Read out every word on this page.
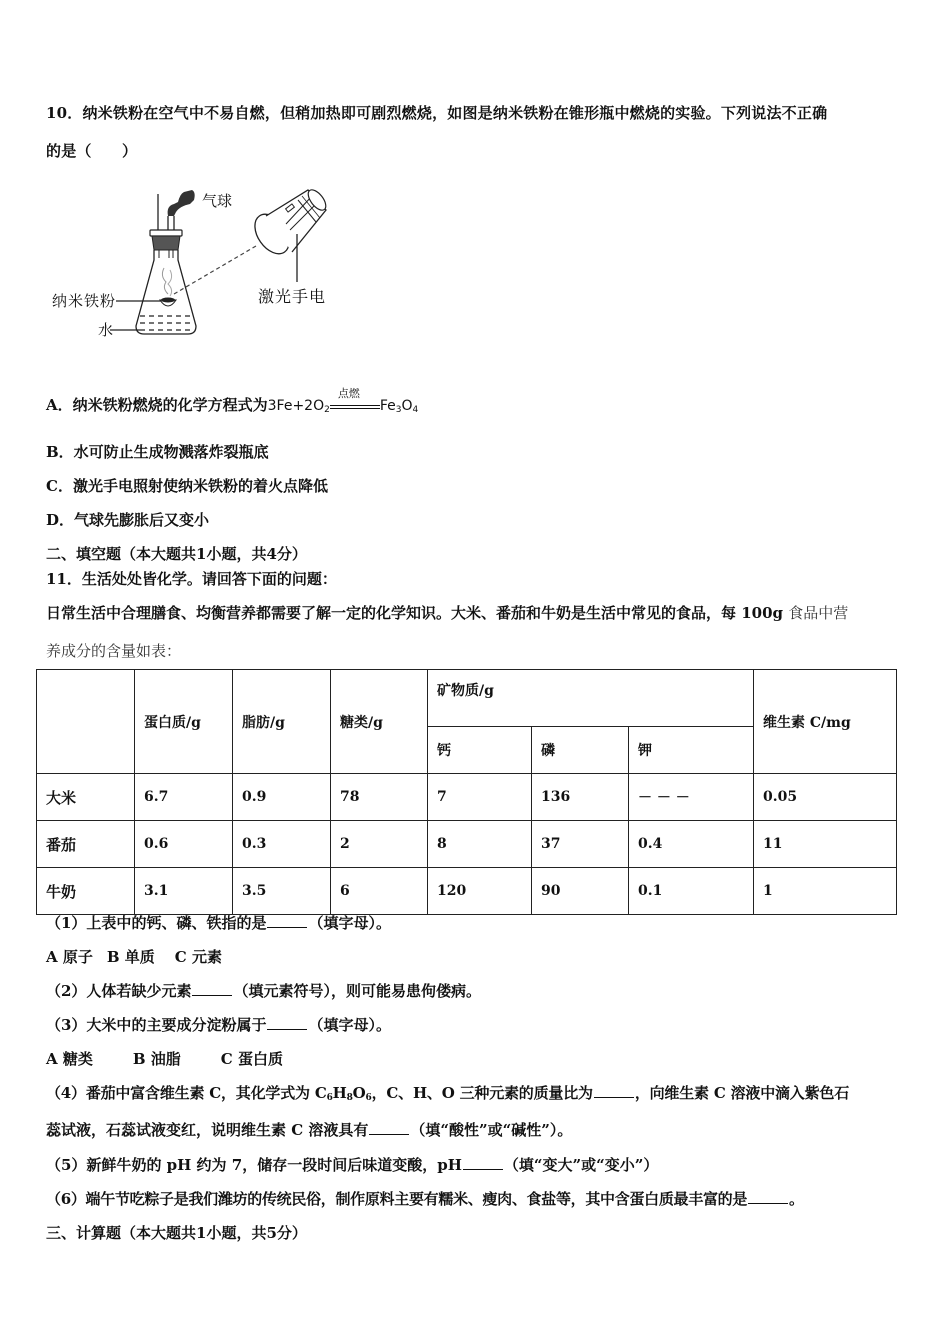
10．纳米铁粉在空气中不易自燃，但稍加热即可剧烈燃烧，如图是纳米铁粉在锥形瓶中燃烧的实验。下列说法不正确
的是（　　）
气球
激光手电
纳米铁粉
水
A．纳米铁粉燃烧的化学方程式为$3Fe+2O_2$
点燃
$Fe_3O_4$
B．水可防止生成物溅落炸裂瓶底
C．激光手电照射使纳米铁粉的着火点降低
D．气球先膨胀后又变小
二、填空题（本大题共1小题，共4分）
11．生活处处皆化学。请回答下面的问题：
日常生活中合理膳食、均衡营养都需要了解一定的化学知识。大米、番茄和牛奶是生活中常见的食品，每 100g 食品中营
养成分的含量如表：
	蛋白质/g	脂肪/g	糖类/g	矿物质/g			维生素 C/mg
				钙	磷	钾	
大米	6.7	0.9	78	7	136	－ － －	0.05
番茄	0.6	0.3	2	8	37	0.4	11
牛奶	3.1	3.5	6	120	90	0.1	1
（1）上表中的钙、磷、铁指的是	（填字母）。
A 原子 B 单质 C 元素
（2）人体若缺少元素	（填元素符号），则可能易患佝偻病。
（3）大米中的主要成分淀粉属于	（填字母）。
A 糖类	B 油脂	C 蛋白质
（4）番茄中富含维生素 C，其化学式为 $C_6H_8O_6$，C、H、O 三种元素的质量比为	，向维生素 C 溶液中滴入紫色石
蕊试液，石蕊试液变红，说明维生素 C 溶液具有	（填“酸性”或“碱性”）。
（5）新鲜牛奶的 pH 约为 7，储存一段时间后味道变酸，pH	（填“变大”或“变小”）
（6）端午节吃粽子是我们潍坊的传统民俗，制作原料主要有糯米、瘦肉、食盐等，其中含蛋白质最丰富的是	。
三、计算题（本大题共1小题，共5分）
